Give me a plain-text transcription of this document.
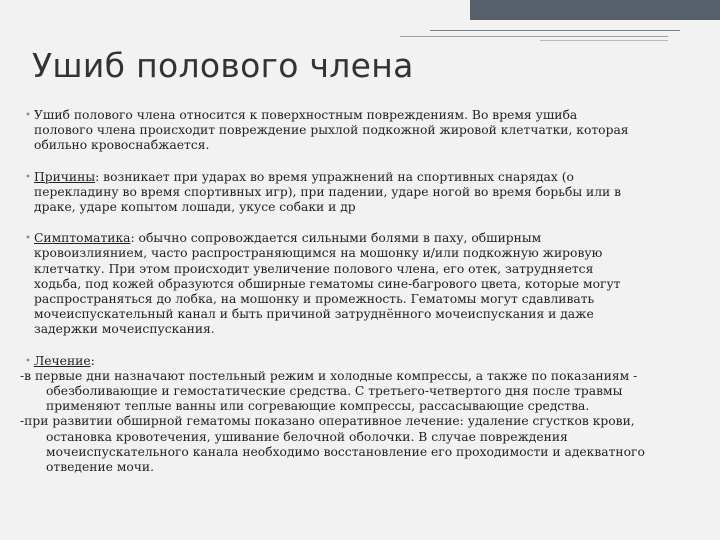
Ушиб полового члена
• Ушиб полового члена относится к поверхностным повреждениям. Во время ушиба
полового члена происходит повреждение рыхлой подкожной жировой клетчатки, которая
обильно кровоснабжается.
• Причины: возникает при ударах во время упражнений на спортивных снарядах (о
перекладину во время спортивных игр), при падении, ударе ногой во время борьбы или в
драке, ударе копытом лошади, укусе собаки и др
• Симптоматика: обычно сопровождается сильными болями в паху, обширным
кровоизлиянием, часто распространяющимся на мошонку и/или подкожную жировую
клетчатку. При этом происходит увеличение полового члена, его отек, затрудняется
ходьба, под кожей образуются обширные гематомы сине-багрового цвета, которые могут
распространяться до лобка, на мошонку и промежность. Гематомы могут сдавливать
мочеиспускательный канал и быть причиной затруднённого мочеиспускания и даже
задержки мочеиспускания.
• Лечение:
-в первые дни назначают постельный режим и холодные компрессы, а также по показаниям -
обезболивающие и гемостатические средства. С третьего-четвертого дня после травмы
применяют теплые ванны или согревающие компрессы, рассасывающие средства.
-при развитии обширной гематомы показано оперативное лечение: удаление сгустков крови,
остановка кровотечения, ушивание белочной оболочки. В случае повреждения
мочеиспускательного канала необходимо восстановление его проходимости и адекватного
отведение мочи.
